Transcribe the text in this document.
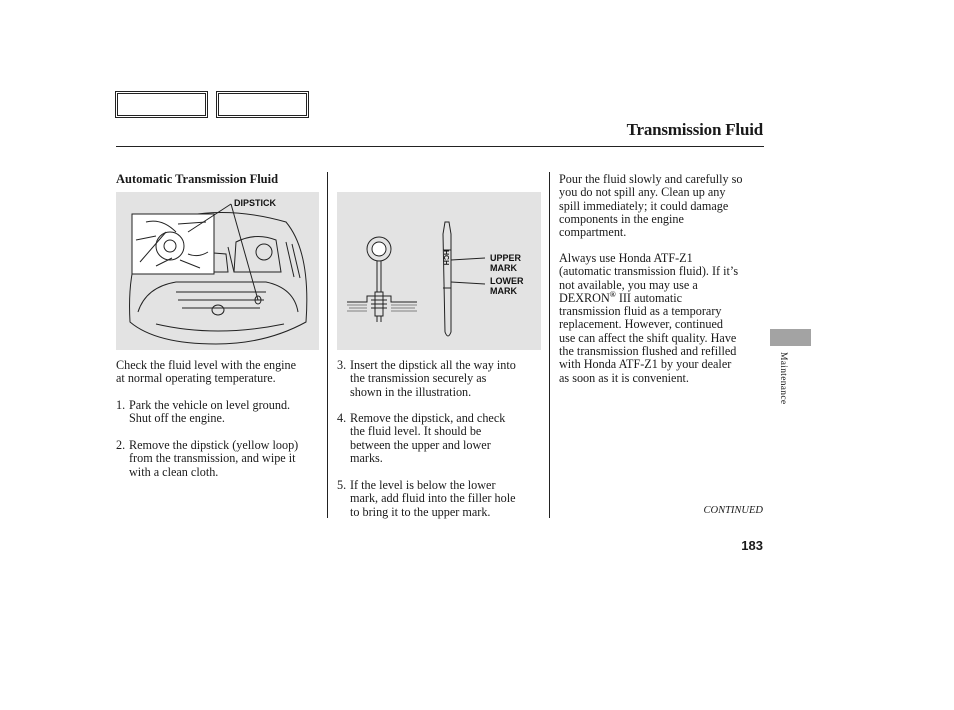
Transmission Fluid
Automatic Transmission Fluid
DIPSTICK
HCH	UPPER
MARK
LOWER
MARK
Check the fluid level with the engine
at normal operating temperature.
1. Park the vehicle on level ground.
Shut off the engine.
2. Remove the dipstick (yellow loop)
from the transmission, and wipe it
with a clean cloth.
3. Insert the dipstick all the way into
the transmission securely as
shown in the illustration.
4. Remove the dipstick, and check
the fluid level. It should be
between the upper and lower
marks.
5. If the level is below the lower
mark, add fluid into the filler hole
to bring it to the upper mark.
Pour the fluid slowly and carefully so
you do not spill any. Clean up any
spill immediately; it could damage
components in the engine
compartment.
Always use Honda ATF-Z1
(automatic transmission fluid). If it’s
not available, you may use a
DEXRON® III automatic
transmission fluid as a temporary
replacement. However, continued
use can affect the shift quality. Have
the transmission flushed and refilled
with Honda ATF-Z1 by your dealer
as soon as it is convenient.
CONTINUED
183
Maintenance
